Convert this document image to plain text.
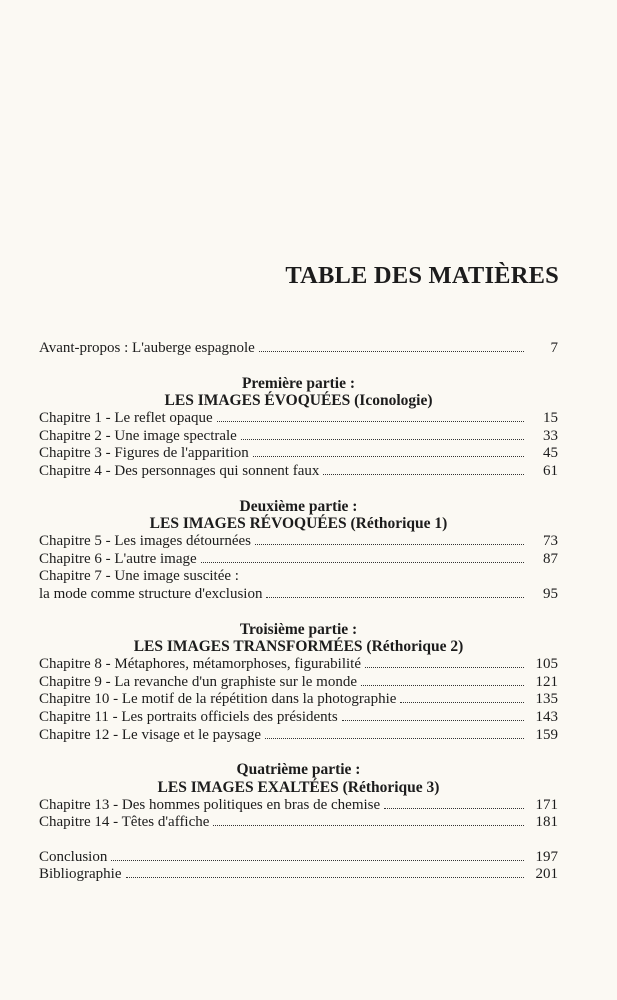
TABLE DES MATIÈRES
Avant-propos : L'auberge espagnole	7
Première partie :
LES IMAGES ÉVOQUÉES (Iconologie)
Chapitre 1 - Le reflet opaque	15
Chapitre 2 - Une image spectrale	33
Chapitre 3 - Figures de l'apparition	45
Chapitre 4 - Des personnages qui sonnent faux	61
Deuxième partie :
LES IMAGES RÉVOQUÉES (Réthorique 1)
Chapitre 5 - Les images détournées	73
Chapitre 6 - L'autre image	87
Chapitre 7 - Une image suscitée :
la mode comme structure d'exclusion	95
Troisième partie :
LES IMAGES TRANSFORMÉES (Réthorique 2)
Chapitre 8 - Métaphores, métamorphoses, figurabilité	105
Chapitre 9 - La revanche d'un graphiste sur le monde	121
Chapitre 10 - Le motif de la répétition dans la photographie	135
Chapitre 11 - Les portraits officiels des présidents	143
Chapitre 12 - Le visage et le paysage	159
Quatrième partie :
LES IMAGES EXALTÉES (Réthorique 3)
Chapitre 13 - Des hommes politiques en bras de chemise	171
Chapitre 14 - Têtes d'affiche	181
Conclusion	197
Bibliographie	201
